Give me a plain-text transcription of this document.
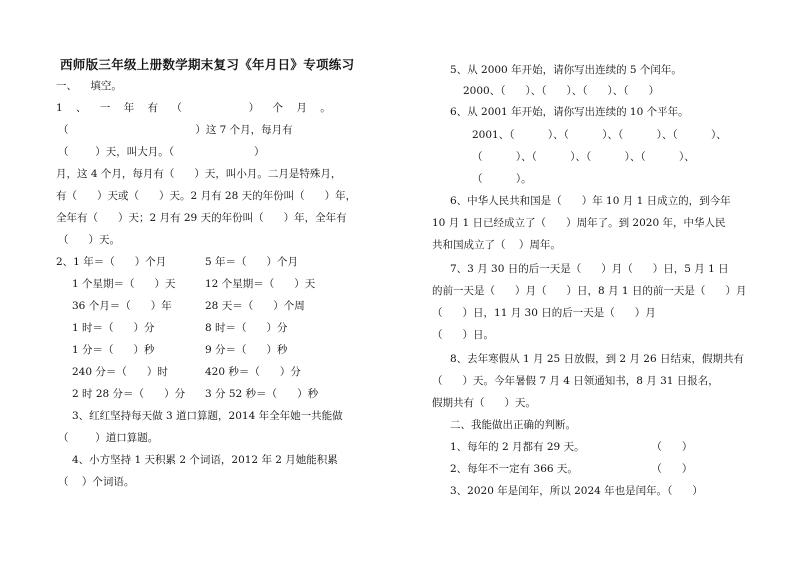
西师版三年级上册数学期末复习《年月日》专项练习
一、    填空。
1    、    一    年    有    （                    ）    个    月    。
（                                      ）这 7 个月，每月有
（        ）天，叫大月。（                        ）
月，这 4 个月，每月有（      ）天，叫小月。二月是特殊月，
有（      ）天或（      ）天。2 月有 28 天的年份叫（      ）年，
全年有（      ）天；2 月有 29 天的年份叫（      ）年，全年有
（      ）天。
2、1 年＝（      ）个月
1 个星期＝（      ）天
36 个月＝（      ）年
1 时＝（      ）分
1 分＝（      ）秒
240 分＝（      ）时
2 时 28 分＝（      ）分
5 年＝（      ）个月
12 个星期＝（      ）天
28 天＝（      ）个周
8 时＝（      ）分
9 分＝（      ）秒
420 秒＝（      ）分
3 分 52 秒＝（      ）秒
3、红红坚持每天做 3 道口算题，2014 年全年她一共能做
（        ）道口算题。
4、小方坚持 1 天积累 2 个词语，2012 年 2 月她能积累
（    ）个词语。
5、从 2000 年开始，请你写出连续的 5 个闰年。
2000、（      ）、（      ）、（      ）、（      ）
6、从 2001 年开始，请你写出连续的 10 个平年。
2001、（          ）、（          ）、（          ）、（          ）、
（          ）、（          ）、（          ）、（          ）、
（          ）。
6、中华人民共和国是（      ）年 10 月 1 日成立的，到今年
10 月 1 日已经成立了（      ）周年了。到 2020 年，中华人民
共和国成立了（    ）周年。
7、3 月 30 日的后一天是（      ）月（      ）日，5 月 1 日
的前一天是（      ）月（      ）日，8 月 1 日的前一天是（      ）月
（      ）日，11 月 30 日的后一天是（      ）月
（      ）日。
8、去年寒假从 1 月 25 日放假，到 2 月 26 日结束，假期共有
（      ）天。今年暑假 7 月 4 日领通知书，8 月 31 日报名，
假期共有（      ）天。
二、我能做出正确的判断。
1、每年的 2 月都有 29 天。                    （      ）
2、每年不一定有 366 天。                      （      ）
3、2020 年是闰年，所以 2024 年也是闰年。（      ）
